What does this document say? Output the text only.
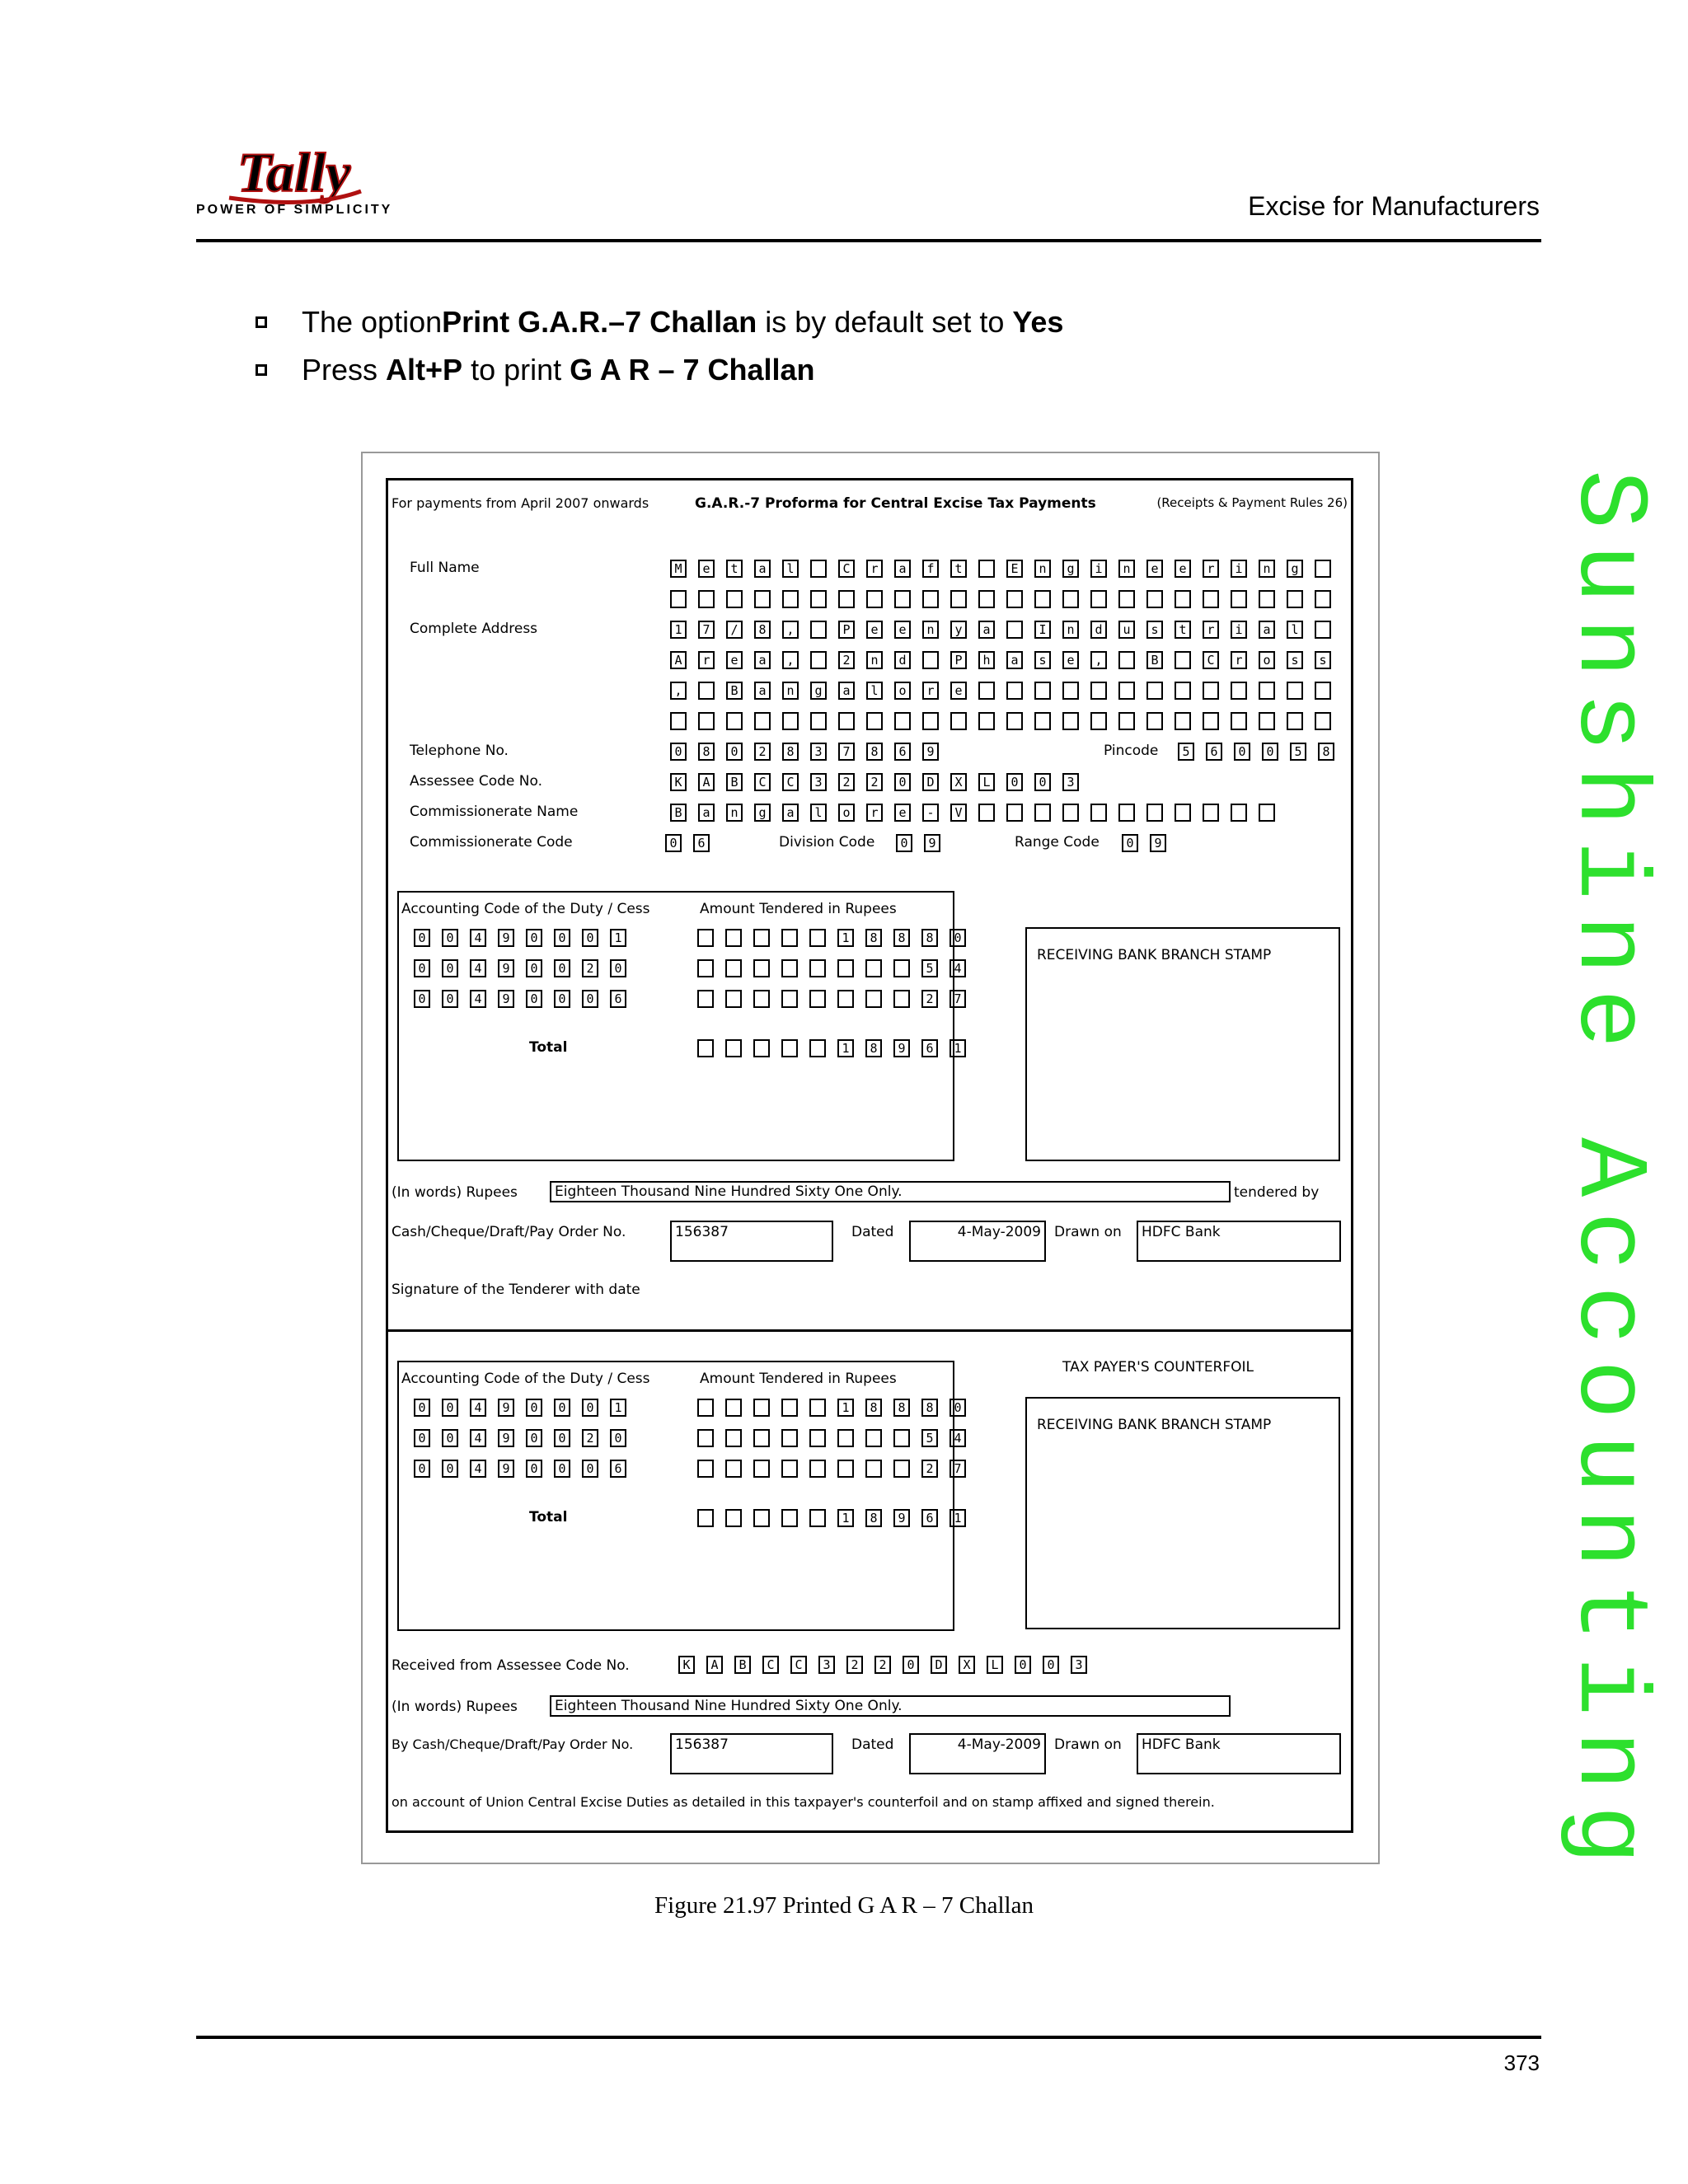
Tally
POWER OF SIMPLICITY	Excise for Manufacturers
The option Print G.A.R.–7 Challan is by default set to Yes
Press Alt+P to print G A R – 7 Challan
Sunshine Accounting
For payments from April 2007 onwards	G.A.R.-7 Proforma for Central Excise Tax Payments	(Receipts & Payment Rules 26)
Full Name	M e t a l	C r a f t	E n g i n e e r i n g
Complete Address	1 7 / 8 ,	P e e n y a	I n d u s t r i a l
A r e a ,	2 n d	P h a s e ,	B	C r o s s
,	B a n g a l o r e
Telephone No.	0 8 0 2 8 3 7 8 6 9	Pincode 5 6 0 0 5 8
Assessee Code No.	K A B C C 3 2 2 0 D X L 0 0 3
Commissionerate Name	B a n g a l o r e - V
Commissionerate Code	0 6	Division Code 0 9	Range Code 0 9
Accounting Code of the Duty / Cess	Amount Tendered in Rupees
0 0 4 9 0 0 0 1	1 8 8 8 0
0 0 4 9 0 0 2 0	5 4
0 0 4 9 0 0 0 6	2 7
Total	1 8 9 6 1
RECEIVING BANK BRANCH STAMP
(In words) Rupees	Eighteen Thousand Nine Hundred Sixty One Only.	tendered by
Cash/Cheque/Draft/Pay Order No.	156387	Dated	4-May-2009 Drawn on	HDFC Bank
Signature of the Tenderer with date
TAX PAYER'S COUNTERFOIL
Accounting Code of the Duty / Cess	Amount Tendered in Rupees
0 0 4 9 0 0 0 1	1 8 8 8 0
0 0 4 9 0 0 2 0	5 4
0 0 4 9 0 0 0 6	2 7
Total	1 8 9 6 1
RECEIVING BANK BRANCH STAMP
Received from Assessee Code No.	K A B C C 3 2 2 0 D X L 0 0 3
(In words) Rupees	Eighteen Thousand Nine Hundred Sixty One Only.
By Cash/Cheque/Draft/Pay Order No.	156387	Dated	4-May-2009 Drawn on	HDFC Bank
on account of Union Central Excise Duties as detailed in this taxpayer's counterfoil and on stamp affixed and signed therein.
Figure 21.97 Printed G A R – 7 Challan
373
